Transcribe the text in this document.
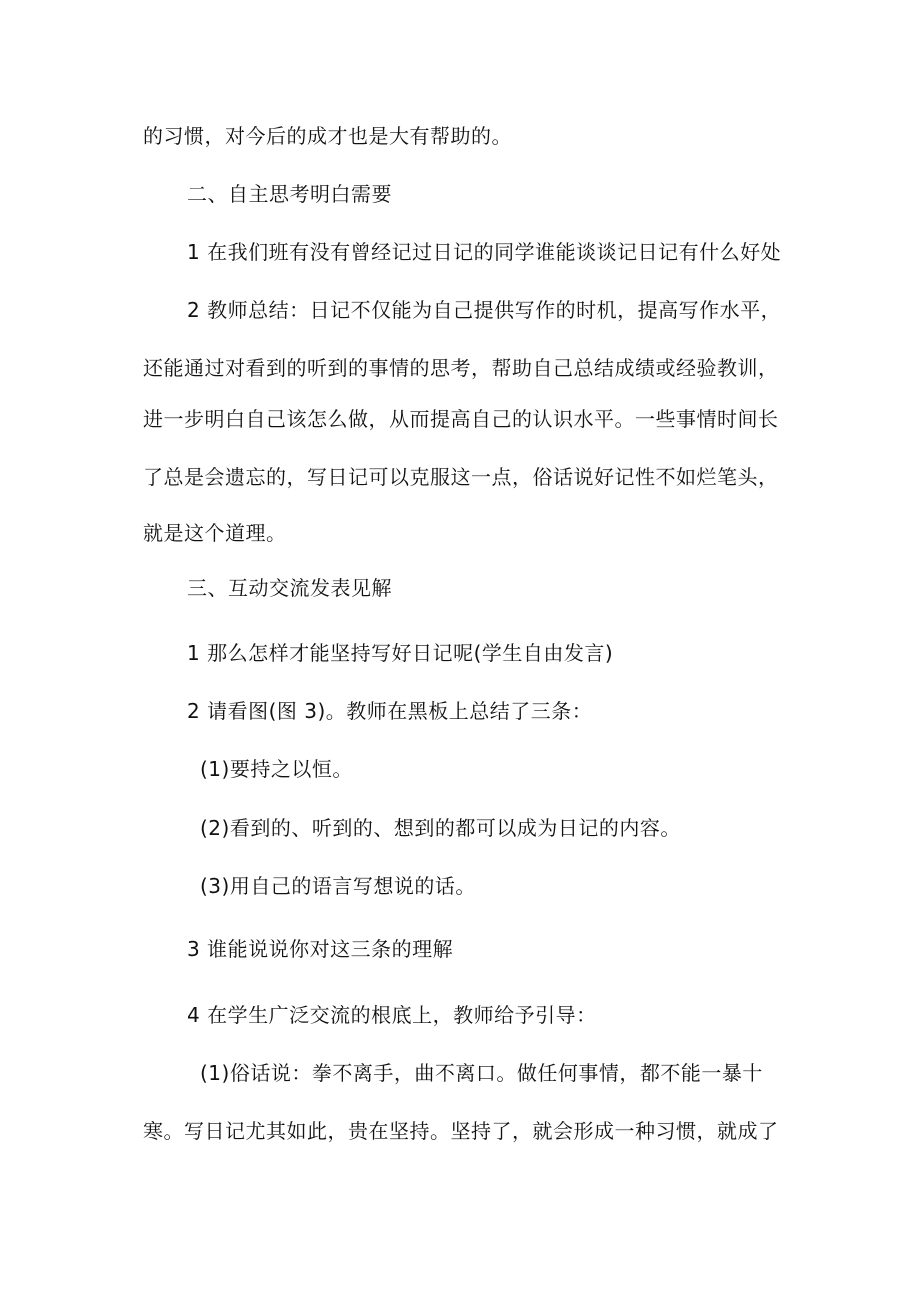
的习惯，对今后的成才也是大有帮助的。
二、自主思考明白需要
1 在我们班有没有曾经记过日记的同学谁能谈谈记日记有什么好处
2 教师总结：日记不仅能为自己提供写作的时机，提高写作水平，
还能通过对看到的听到的事情的思考，帮助自己总结成绩或经验教训，
进一步明白自己该怎么做，从而提高自己的认识水平。一些事情时间长
了总是会遗忘的，写日记可以克服这一点，俗话说好记性不如烂笔头，
就是这个道理。
三、互动交流发表见解
1 那么怎样才能坚持写好日记呢(学生自由发言)
2 请看图(图 3)。教师在黑板上总结了三条：
(1)要持之以恒。
(2)看到的、听到的、想到的都可以成为日记的内容。
(3)用自己的语言写想说的话。
3 谁能说说你对这三条的理解
4 在学生广泛交流的根底上，教师给予引导：
(1)俗话说：拳不离手，曲不离口。做任何事情，都不能一暴十
寒。写日记尤其如此，贵在坚持。坚持了，就会形成一种习惯，就成了
